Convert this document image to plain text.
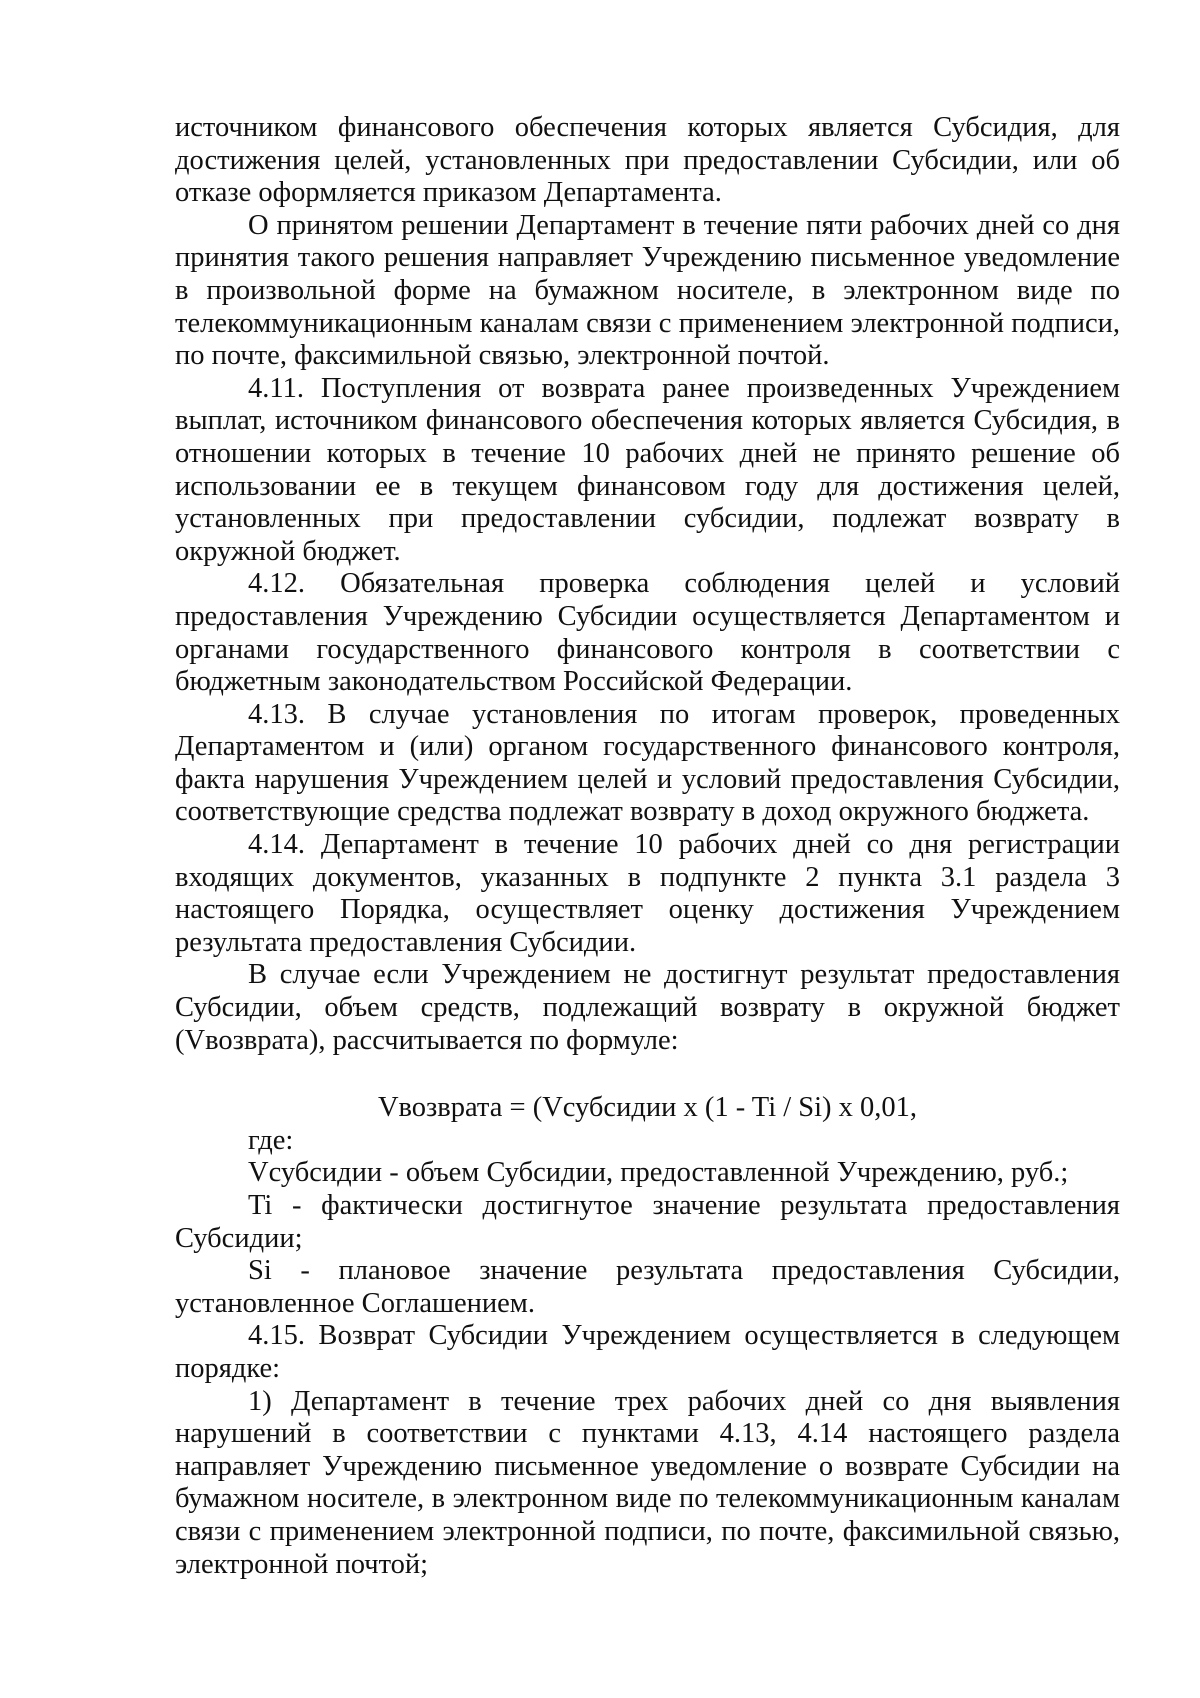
источником финансового обеспечения которых является Субсидия, для достижения целей, установленных при предоставлении Субсидии, или об отказе оформляется приказом Департамента.

О принятом решении Департамент в течение пяти рабочих дней со дня принятия такого решения направляет Учреждению письменное уведомление в произвольной форме на бумажном носителе, в электронном виде по телекоммуникационным каналам связи с применением электронной подписи, по почте, факсимильной связью, электронной почтой.

4.11. Поступления от возврата ранее произведенных Учреждением выплат, источником финансового обеспечения которых является Субсидия, в отношении которых в течение 10 рабочих дней не принято решение об использовании ее в текущем финансовом году для достижения целей, установленных при предоставлении субсидии, подлежат возврату в окружной бюджет.

4.12. Обязательная проверка соблюдения целей и условий предоставления Учреждению Субсидии осуществляется Департаментом и органами государственного финансового контроля в соответствии с бюджетным законодательством Российской Федерации.

4.13. В случае установления по итогам проверок, проведенных Департаментом и (или) органом государственного финансового контроля, факта нарушения Учреждением целей и условий предоставления Субсидии, соответствующие средства подлежат возврату в доход окружного бюджета.

4.14. Департамент в течение 10 рабочих дней со дня регистрации входящих документов, указанных в подпункте 2 пункта 3.1 раздела 3 настоящего Порядка, осуществляет оценку достижения Учреждением результата предоставления Субсидии.

В случае если Учреждением не достигнут результат предоставления Субсидии, объем средств, подлежащий возврату в окружной бюджет (Vвозврата), рассчитывается по формуле:

Vвозврата = (Vсубсидии x (1 - Ti / Si) x 0,01,

где:

Vсубсидии - объем Субсидии, предоставленной Учреждению, руб.;

Ti - фактически достигнутое значение результата предоставления Субсидии;

Si - плановое значение результата предоставления Субсидии, установленное Соглашением.

4.15. Возврат Субсидии Учреждением осуществляется в следующем порядке:

1) Департамент в течение трех рабочих дней со дня выявления нарушений в соответствии с пунктами 4.13, 4.14 настоящего раздела направляет Учреждению письменное уведомление о возврате Субсидии на бумажном носителе, в электронном виде по телекоммуникационным каналам связи с применением электронной подписи, по почте, факсимильной связью, электронной почтой;
